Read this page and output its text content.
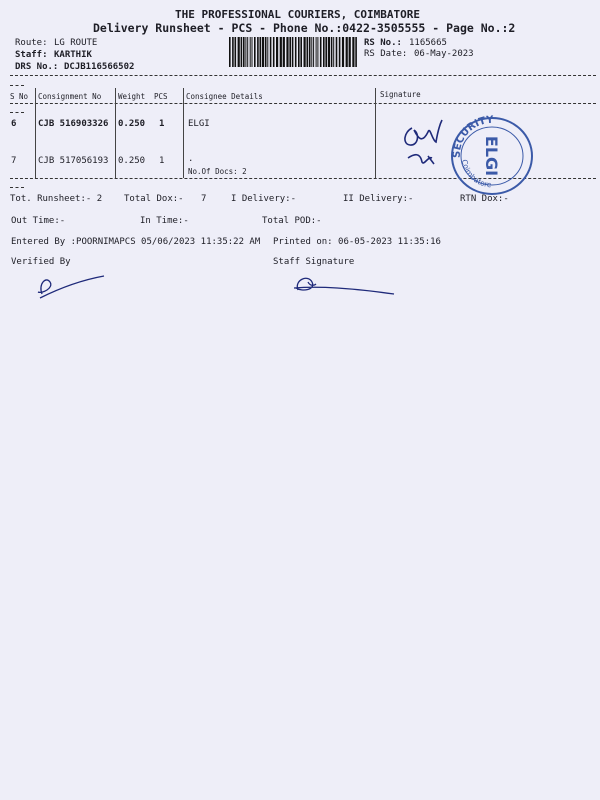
THE PROFESSIONAL COURIERS, COIMBATORE
Delivery Runsheet - PCS - Phone No.:0422-3505555 - Page No.:2
Route: LG ROUTE
Staff: KARTHIK
DRS No.: DCJB116566502
RS No.: 1165665
RS Date: 06-May-2023
S No Consignment No Weight PCS Consignee Details	Signature
6 CJB 516903326 0.250 1	ELGI
7 CJB 517056193 0.250 1	.
No.Of Docs: 2
SECURITY
Coimbatore
ELGI
Tot. Runsheet:- 2 Total Dox:- 7	I Delivery:-	II Delivery:-	RTN Dox:-
Out Time:-	In Time:-	Total POD:-
Entered By :POORNIMAPCS 05/06/2023 11:35:22 AM Printed on: 06-05-2023 11:35:16
Verified By	Staff Signature
